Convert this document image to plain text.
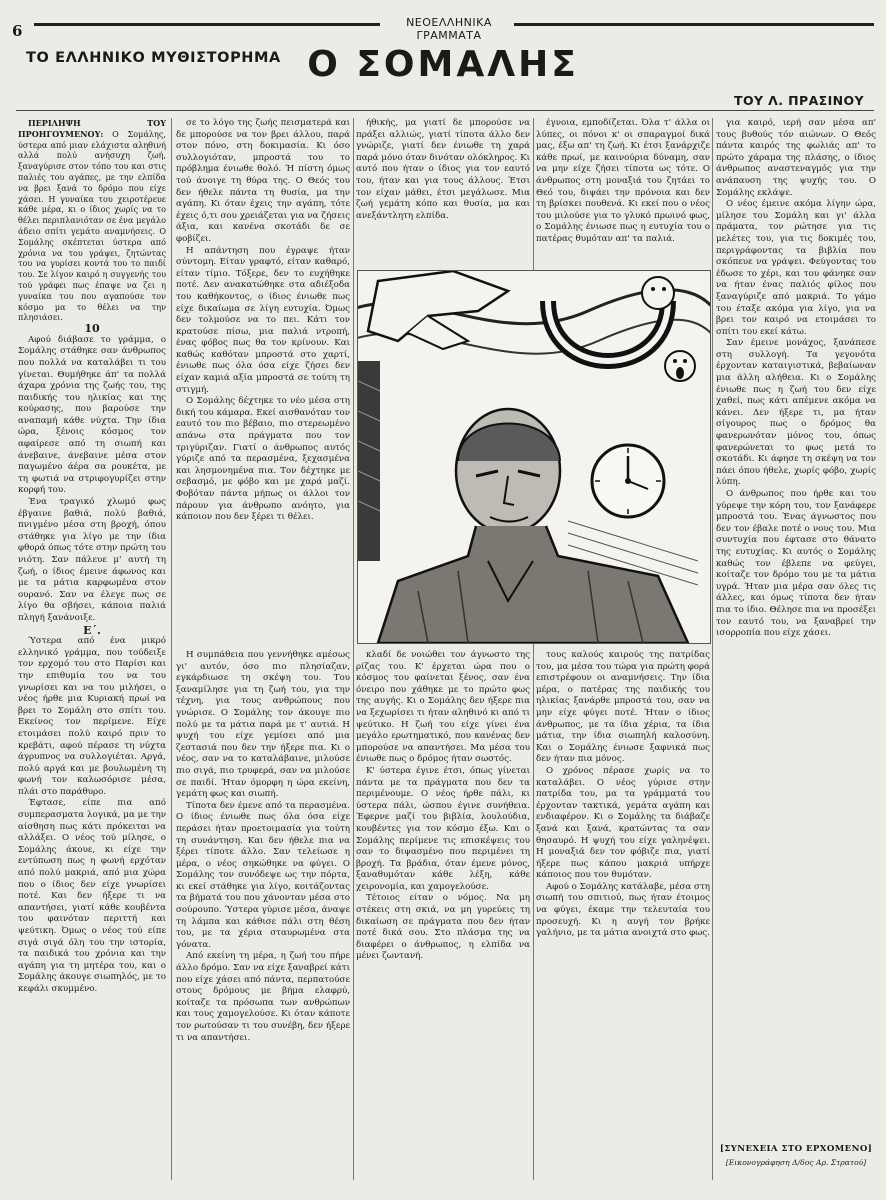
6	ΝΕΟΕΛΛΗΝΙΚΑ ΓΡΑΜΜΑΤΑ
ΤΟ ΕΛΛΗΝΙΚΟ ΜΥΘΙΣΤΟΡΗΜΑ Ο ΣΟΜΑΛΗΣ
ΤΟΥ Λ. ΠΡΑΣΙΝΟΥ

ΠΕΡΙΛΗΨΗ ΤΟΥ ΠΡΟΗΓΟΥΜΕΝΟΥ: Ο Σομάλης, ύστερα από μιαν ελάχιστα αληθινή αλλά πολύ ανήσυχη ζωή, ξαναγύρισε στον τόπο του και στις παλιές του αγάπες, με την ελπίδα να βρει ξανά το δρόμο που είχε χάσει. Η γυναίκα του χειροτέρευε κάθε μέρα, κι ο ίδιος χωρίς να το θέλει περιπλανιόταν σε ένα μεγάλο άδειο σπίτι γεμάτο αναμνήσεις. Ο Σομάλης σκέπτεται ύστερα από χρόνια να του γράψει, ζητώντας του να γυρίσει κοντά του το παιδί του. Σε λίγον καιρό η συγγενής του τού γράφει πως έπαψε να ζει η γυναίκα του που αγαπούσε τον κόσμο μα το θέλει να την πλησιάσει.

10

Αφού διάβασε το γράμμα, ο Σομάλης στάθηκε σαν άνθρωπος που πολλά να καταλάβει τι του γίνεται. Θυμήθηκε άπ' τα πολλά άχαρα χρόνια της ζωής του, της παιδικής του ηλικίας και της κούρασης, που βαρούσε την αναπαμή κάθε νύχτα. Την ίδια ώρα, ξένοις κόσμος τον αφαίρεσε από τη σιωπή και άνεβαινε, άνεβαινε μέσα στον παγωμένο άέρα σα ρουκέτα, με τη φωτιά να στριφογυρίζει στην κορφή του.

Ένα τραγικό χλωμό φως έβγαινε βαθιά, πολύ βαθιά, πνιγμένο μέσα στη βροχή, όπου στάθηκε για λίγο με την ίδια φθορά όπως τότε στην πρώτη του νιότη. Σαν πάλευε μ' αυτή τη ζωή, ο ίδιος έμεινε άφωνος και με τα μάτια καρφωμένα στον ουρανό. Σαν να έλεγε πως σε λίγο θα σβήσει, κάποια παλιά πληγή ξανάνοιξε.

Ε΄.

Ύστερα από ένα μικρό ελληνικό γράμμα, που τούδειξε τον ερχομό του στο Παρίσι και την επιθυμία του να του γνωρίσει και να του μιλήσει, ο νέος ήρθε μια Κυριακή πρωί να βρει το Σομάλη στο σπίτι του. Εκείνος τον περίμενε. Είχε ετοιμάσει πολύ καιρό πριν το κρεβάτι, αφού πέρασε τη νύχτα άγρυπνος να συλλογιέται. Αργά, πολύ αργά και με βουλωμένη τη φωνή τον καλωσόρισε μέσα, πλάι στο παράθυρο.

Έφτασε, είπε πια από συμπερασματα λογικά, μα με την αίσθηση πως κάτι πρόκειται να αλλάξει. Ο νέος τού μίλησε, ο Σομάλης άκουε, κι είχε την εντύπωση πως η φωνή ερχόταν από πολύ μακριά, από μια χώρα που ο ίδιος δεν είχε γνωρίσει ποτέ. Και δεν ήξερε τι να απαντήσει, γιατί κάθε κουβέντα του φαινόταν περιττή και ψεύτικη. Όμως ο νέος τού είπε σιγά σιγά όλη του την ιστορία, τα παιδικά του χρόνια και την αγάπη για τη μητέρα του, και ο Σομάλης άκουγε σιωπηλός, με το κεφάλι σκυμμένο.

σε το λόγο της ζωής πεισματερά και δε μπορούσε να τον βρει άλλου, παρά στον πόνο, στη δοκιμασία. Κι όσο συλλογιόταν, μπροστά του το πρόβλημα ένιωθε θολό. Ή πίστη όμως τού άνοιγε τη θύρα της. Ο Θεός του δεν ήθελε πάντα τη θυσία, μα την αγάπη. Κι όταν έχεις την αγάπη, τότε έχεις ό,τι σου χρειάζεται για να ζήσεις άξια, και κανένα σκοτάδι δε σε φοβίζει.

Η απάντηση που έγραψε ήταν σύντομη. Είταν γραφτό, είταν καθαρό, είταν τίμιο. Τόξερε, δεν το ευχήθηκε ποτέ. Δεν ανακατώθηκε στα αδιέξοδα του καθήκοντος, ο ίδιος ένιωθε πως είχε δικαίωμα σε λίγη ευτυχία. Όμως δεν τολμούσε να το πει. Κάτι τον κρατούσε πίσω, μια παλιά ντροπή, ένας φόβος πως θα τον κρίνουν. Και καθώς καθόταν μπροστά στο χαρτί, ένιωθε πως όλα όσα είχε ζήσει δεν είχαν καμιά αξία μπροστά σε τούτη τη στιγμή.

Ο Σομάλης δέχτηκε το νέο μέσα στη δική του κάμαρα. Εκεί αισθανόταν τον εαυτό του πιο βέβαιο, πιο στερεωμένο απάνω στα πράγματα που τον τριγύριζαν. Γιατί ο άνθρωπος αυτός γύριζε από τα περασμένα, ξεχασμένα και λησμονημένα πια. Τον δέχτηκε με σεβασμό, με φόβο και με χαρά μαζί. Φοβόταν πάντα μήπως οι άλλοι τον πάρουν για άνθρωπο ανόητο, για κάποιον που δεν ξέρει τι θέλει.

ήθικής, μα γιατί δε μπορούσε να πράξει αλλιώς, γιατί τίποτα άλλο δεν γνώριζε, γιατί δεν ένιωθε τη χαρά παρά μόνο όταν δινόταν ολόκληρος. Κι αυτό που ήταν ο ίδιος για τον εαυτό του, ήταν και για τους άλλους. Έτσι τον είχαν μάθει, έτσι μεγάλωσε. Μια ζωή γεμάτη κόπο και θυσία, μα και ανεξάντλητη ελπίδα.

έγνοια, εμποδίζεται. Όλα τ' άλλα οι λύπες, οι πόνοι κ' οι σπαραγμοί δικά μας, έξω απ' τη ζωή. Κι έτσι ξανάρχιζε κάθε πρωί, με καινούρια δύναμη, σαν να μην είχε ζήσει τίποτα ως τότε. Ο άνθρωπος στη μοναξιά του ζητάει το Θεό του, διψάει την πρόνοια και δεν τη βρίσκει πουθενά. Κι εκεί που ο νέος του μιλούσε για το γλυκό πρωινό φως, ο Σομάλης ένιωσε πως η ευτυχία του ο πατέρας θυμόταν απ' τα παλιά.

Η συμπάθεια που γεννήθηκε αμέσως γι' αυτόν, όσο πιο πλησίαζαν, εγκάρδιωσε τη σκέψη του. Του ξαναμίλησε για τη ζωή του, για την τέχνη, για τους ανθρώπους που γνώρισε. Ο Σομάλης τον άκουγε πιο πολύ με τα μάτια παρά με τ' αυτιά. Η ψυχή του είχε γεμίσει από μια ζεστασιά που δεν την ήξερε πια. Κι ο νέος, σαν να το καταλάβαινε, μιλούσε πιο σιγά, πιο τρυφερά, σαν να μιλούσε σε παιδί. Ήταν όμορφη η ώρα εκείνη, γεμάτη φως και σιωπή.

Τίποτα δεν έμενε από τα περασμένα. Ο ίδιος ένιωθε πως όλα όσα είχε περάσει ήταν προετοιμασία για τούτη τη συνάντηση. Και δεν ήθελε πια να ξέρει τίποτε άλλο. Σαν τελείωσε η μέρα, ο νέος σηκώθηκε να φύγει. Ο Σομάλης τον συνόδεψε ως την πόρτα, κι εκεί στάθηκε για λίγο, κοιτάζοντας τα βήματά του που χάνονταν μέσα στο σούρουπο. Ύστερα γύρισε μέσα, άναψε τη λάμπα και κάθισε πάλι στη θέση του, με τα χέρια σταυρωμένα στα γόνατα.

Από εκείνη τη μέρα, η ζωή του πήρε άλλο δρόμο. Σαν να είχε ξαναβρεί κάτι που είχε χάσει από πάντα, περπατούσε στους δρόμους με βήμα ελαφρύ, κοίταζε τα πρόσωπα των ανθρώπων και τους χαμογελούσε. Κι όταν κάποτε τον ρωτούσαν τι του συνέβη, δεν ήξερε τι να απαντήσει.

κλαδί δε νοιώθει τον άγνωστο της ρίζας του. Κ' έρχεται ώρα που ο κόσμος του φαίνεται ξένος, σαν ένα όνειρο που χάθηκε με το πρώτο φως της αυγής. Κι ο Σομάλης δεν ήξερε πια να ξεχωρίσει τι ήταν αληθινό κι από τι ψεύτικο. Η ζωή του είχε γίνει ένα μεγάλο ερωτηματικό, που κανένας δεν μπορούσε να απαντήσει. Μα μέσα του ένιωθε πως ο δρόμος ήταν σωστός.

Κ' ύστερα έγινε έτσι, όπως γίνεται πάντα με τα πράγματα που δεν τα περιμένουμε. Ο νέος ήρθε πάλι, κι ύστερα πάλι, ώσπου έγινε συνήθεια. Έφερνε μαζί του βιβλία, λουλούδια, κουβέντες για τον κόσμο έξω. Και ο Σομάλης περίμενε τις επισκέψεις του σαν το διψασμένο που περιμένει τη βροχή. Τα βράδια, όταν έμενε μόνος, ξαναθυμόταν κάθε λέξη, κάθε χειρονομία, και χαμογελούσε.

Τέτοιος είταν ο νόμος. Να μη στέκεις στη σκιά, να μη γυρεύεις τη δικαίωση σε πράγματα που δεν ήταν ποτέ δικά σου. Στο πλάσμα της να διαφέρει ο άνθρωπος, η ελπίδα να μένει ζωντανή.

τους καλούς καιρούς της πατρίδας του, μα μέσα του τώρα για πρώτη φορά επιστρέφουν οι αναμνήσεις. Την ίδια μέρα, ο πατέρας της παιδικής του ηλικίας ξανάρθε μπροστά του, σαν να μην είχε φύγει ποτέ. Ήταν ο ίδιος άνθρωπος, με τα ίδια χέρια, τα ίδια μάτια, την ίδια σιωπηλή καλοσύνη. Και ο Σομάλης ένιωσε ξαφνικά πως δεν ήταν πια μόνος.

Ο χρόνος πέρασε χωρίς να το καταλάβει. Ο νέος γύρισε στην πατρίδα του, μα τα γράμματά του έρχονταν τακτικά, γεμάτα αγάπη και ενδιαφέρον. Κι ο Σομάλης τα διάβαζε ξανά και ξανά, κρατώντας τα σαν θησαυρό. Η ψυχή του είχε γαληνέψει. Η μοναξιά δεν τον φόβιζε πια, γιατί ήξερε πως κάπου μακριά υπήρχε κάποιος που τον θυμόταν.

Αφού ο Σομάλης κατάλαβε, μέσα στη σιωπή του σπιτιού, πως ήταν έτοιμος να φύγει, έκαμε την τελευταία του προσευχή. Κι η αυγή τον βρήκε γαλήνιο, με τα μάτια ανοιχτά στο φως.

για καιρό, ιερή σαν μέσα απ' τους βυθούς τόν αιώνων. Ο Θεός πάντα καιρός της φωλιάς απ' το πρώτο χάραμα της πλάσης, ο ίδιος άνθρωπος αναστεναγμός για την ανάπαυση της ψυχής του. Ο Σομάλης εκλάψε.

Ο νέος έμεινε ακόμα λίγην ώρα, μίλησε του Σομάλη και γι' άλλα πράματα, τον ρώτησε για τις μελέτες του, για τις δοκιμές του, περιγράφοντας τα βιβλία που σκόπευε να γράψει. Φεύγοντας του έδωσε το χέρι, και του φάνηκε σαν να ήταν ένας παλιός φίλος που ξαναγύριζε από μακριά. Το γάμο του έταξε ακόμα για λίγο, για να βρει τον καιρό να ετοιμάσει το σπίτι του εκεί κάτω.

Σαν έμεινε μονάχος, ξανάπεσε στη συλλογή. Τα γεγονότα έρχονταν καταιγιστικά, βεβαίωναν μια άλλη αλήθεια. Κι ο Σομάλης ένιωθε πως η ζωή του δεν είχε χαθεί, πως κάτι απέμενε ακόμα να κάνει. Δεν ήξερε τι, μα ήταν σίγουρος πως ο δρόμος θα φανερωνόταν μόνος του, όπως φανερώνεται το φως μετά το σκοτάδι. Κι άφησε τη σκέψη να τον πάει όπου ήθελε, χωρίς φόβο, χωρίς λύπη.

Ο άνθρωπος που ήρθε και του γύρεψε την κόρη του, τον ξανάφερε μπροστά του. Ένας άγνωστος που δεν τον έβαλε ποτέ ο νους του. Μια συντυχία που έφτασε στο θάνατο της ευτυχίας. Κι αυτός ο Σομάλης καθώς τον έβλεπε να φεύγει, κοίταζε τον δρόμο του με τα μάτια υγρά. Ήταν μια μέρα σαν όλες τις άλλες, και όμως τίποτα δεν ήταν πια το ίδιο. Θέλησε πια να προσέξει τον εαυτό του, να ξαναβρεί την ισορροπία που είχε χάσει.

[ΣΥΝΕΧΕΙΑ ΣΤΟ ΕΡΧΟΜΕΝΟ]
[Εικονογράφηση Δ/δος Αρ. Στρατού]
